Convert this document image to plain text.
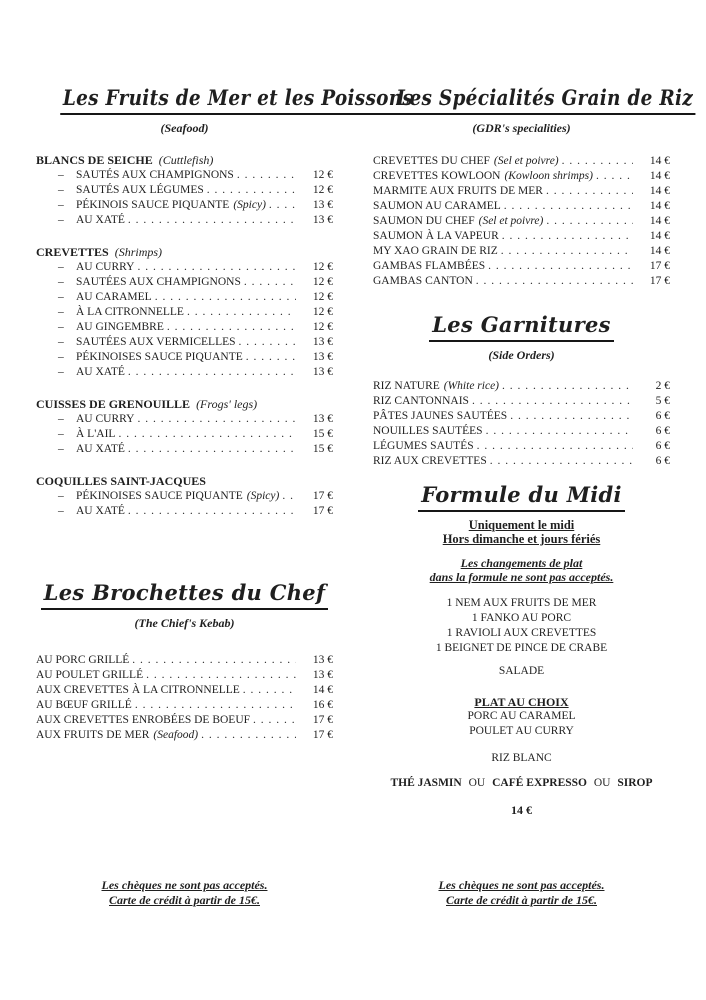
Les Fruits de Mer et les Poissons
(Seafood)
BLANCS DE SEICHE (Cuttlefish)
–	SAUTÉS AUX CHAMPIGNONS . . .	12 €
–	SAUTÉS AUX LÉGUMES . . .	12 €
–	PÉKINOIS SAUCE PIQUANTE (Spicy) . . .	13 €
–	AU XATÉ . . .	13 €
CREVETTES (Shrimps)
–	AU CURRY . . .	12 €
–	SAUTÉES AUX CHAMPIGNONS . . .	12 €
–	AU CARAMEL . . .	12 €
–	À LA CITRONNELLE . . .	12 €
–	AU GINGEMBRE . . .	12 €
–	SAUTÉES AUX VERMICELLES . . .	13 €
–	PÉKINOISES SAUCE PIQUANTE . . .	13 €
–	AU XATÉ . . .	13 €
CUISSES DE GRENOUILLE (Frogs' legs)
–	AU CURRY . . .	13 €
–	À L'AIL . . .	15 €
–	AU XATÉ . . .	15 €
COQUILLES SAINT-JACQUES
–	PÉKINOISES SAUCE PIQUANTE (Spicy) . . .	17 €
–	AU XATÉ . . .	17 €
Les Brochettes du Chef
(The Chief's Kebab)
AU PORC GRILLÉ . . .	13 €
AU POULET GRILLÉ . . .	13 €
AUX CREVETTES À LA CITRONNELLE . . .	14 €
AU BŒUF GRILLÉ . . .	16 €
AUX CREVETTES ENROBÉES DE BOEUF . . .	17 €
AUX FRUITS DE MER (Seafood) . . .	17 €
Les chèques ne sont pas acceptés.
Carte de crédit à partir de 15€.
Les Spécialités Grain de Riz
(GDR's specialities)
CREVETTES DU CHEF (Sel et poivre) . . .	14 €
CREVETTES KOWLOON (Kowloon shrimps) . . .	14 €
MARMITE AUX FRUITS DE MER . . .	14 €
SAUMON AU CARAMEL . . .	14 €
SAUMON DU CHEF (Sel et poivre) . . .	14 €
SAUMON À LA VAPEUR . . .	14 €
MY XAO GRAIN DE RIZ . . .	14 €
GAMBAS FLAMBÉES . . .	17 €
GAMBAS CANTON . . .	17 €
Les Garnitures
(Side Orders)
RIZ NATURE (White rice) . . .	2 €
RIZ CANTONNAIS . . .	5 €
PÂTES JAUNES SAUTÉES . . .	6 €
NOUILLES SAUTÉES . . .	6 €
LÉGUMES SAUTÉS . . .	6 €
RIZ AUX CREVETTES . . .	6 €
Formule du Midi
Uniquement le midi
Hors dimanche et jours fériés
Les changements de plat
dans la formule ne sont pas acceptés.
1 NEM AUX FRUITS DE MER
1 FANKO AU PORC
1 RAVIOLI AUX CREVETTES
1 BEIGNET DE PINCE DE CRABE
SALADE
PLAT AU CHOIX
PORC AU CARAMEL
POULET AU CURRY
RIZ BLANC
THÉ JASMIN OU CAFÉ EXPRESSO OU SIROP
14 €
Les chèques ne sont pas acceptés.
Carte de crédit à partir de 15€.
